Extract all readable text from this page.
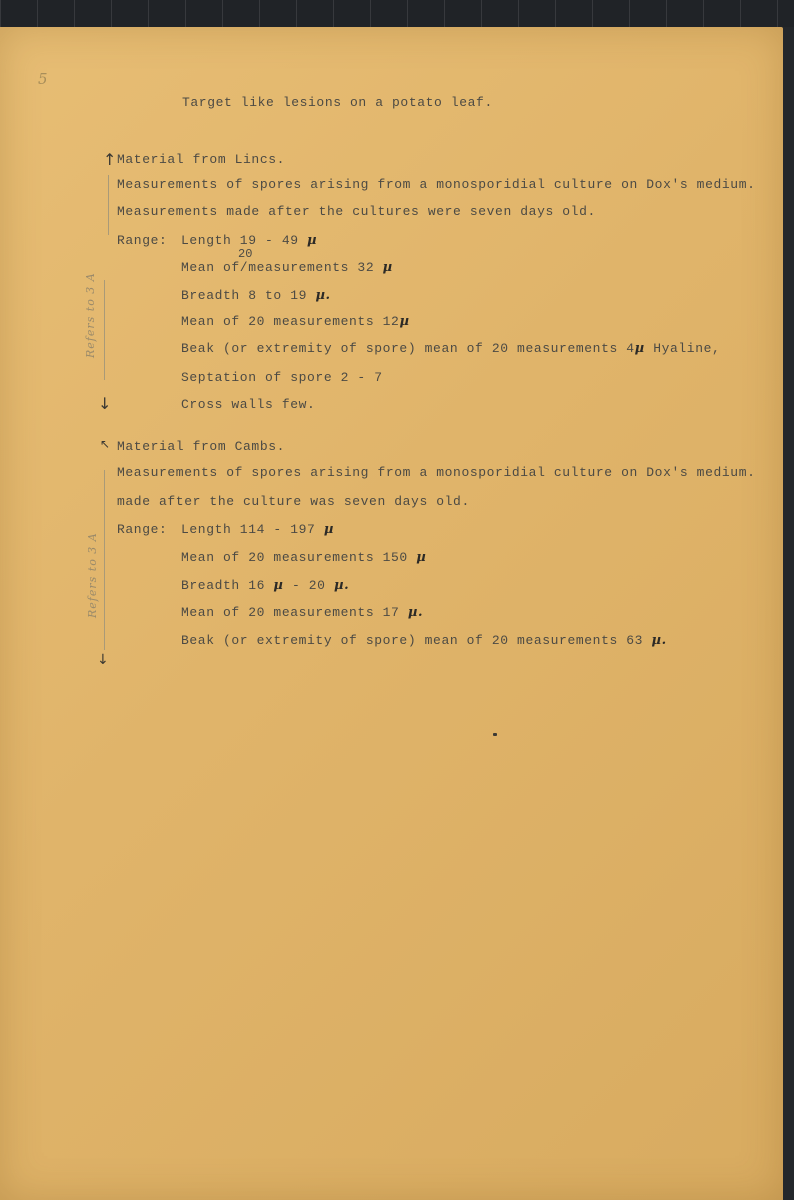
5
Target like lesions on a potato leaf.
↑
Refers to 3 A
↓
Material from Lincs.
Measurements of spores arising from a monosporidial culture on Dox's medium.
Measurements made after the cultures were seven days old.
Range: Length 19 - 49 µ
20
Mean of/measurements 32 µ
Breadth 8 to 19 µ.
Mean of 20 measurements 12µ
Beak (or extremity of spore) mean of 20 measurements 4µ Hyaline,
Septation of spore 2 - 7
Cross walls few.
↖
Refers to 3 A
↓
Material from Cambs.
Measurements of spores arising from a monosporidial culture on Dox's medium.
made after the culture was seven days old.
Range: Length 114 - 197 µ
Mean of 20 measurements 150 µ
Breadth 16 µ - 20 µ.
Mean of 20 measurements 17 µ.
Beak (or extremity of spore) mean of 20 measurements 63 µ.
